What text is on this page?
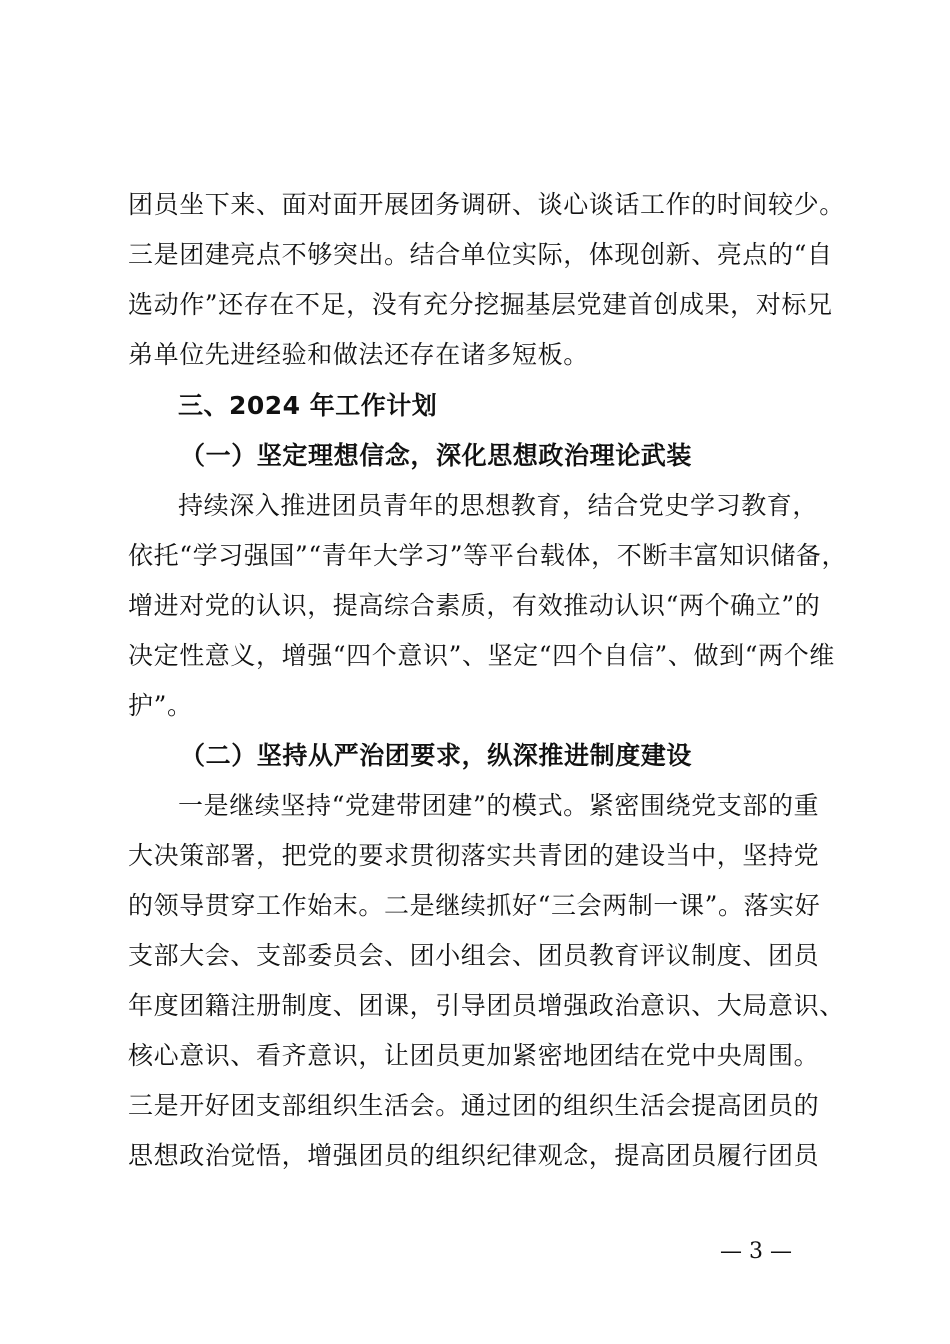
团员坐下来、面对面开展团务调研、谈心谈话工作的时间较少。
三是团建亮点不够突出。结合单位实际，体现创新、亮点的“自
选动作”还存在不足，没有充分挖掘基层党建首创成果，对标兄
弟单位先进经验和做法还存在诸多短板。
三、2024 年工作计划
（一）坚定理想信念，深化思想政治理论武装
持续深入推进团员青年的思想教育，结合党史学习教育，
依托“学习强国”“青年大学习”等平台载体，不断丰富知识储备，
增进对党的认识，提高综合素质，有效推动认识“两个确立”的
决定性意义，增强“四个意识”、坚定“四个自信”、做到“两个维
护”。
（二）坚持从严治团要求，纵深推进制度建设
一是继续坚持“党建带团建”的模式。紧密围绕党支部的重
大决策部署，把党的要求贯彻落实共青团的建设当中，坚持党
的领导贯穿工作始末。二是继续抓好“三会两制一课”。落实好
支部大会、支部委员会、团小组会、团员教育评议制度、团员
年度团籍注册制度、团课，引导团员增强政治意识、大局意识、
核心意识、看齐意识，让团员更加紧密地团结在党中央周围。
三是开好团支部组织生活会。通过团的组织生活会提高团员的
思想政治觉悟，增强团员的组织纪律观念，提高团员履行团员
— 3 —
